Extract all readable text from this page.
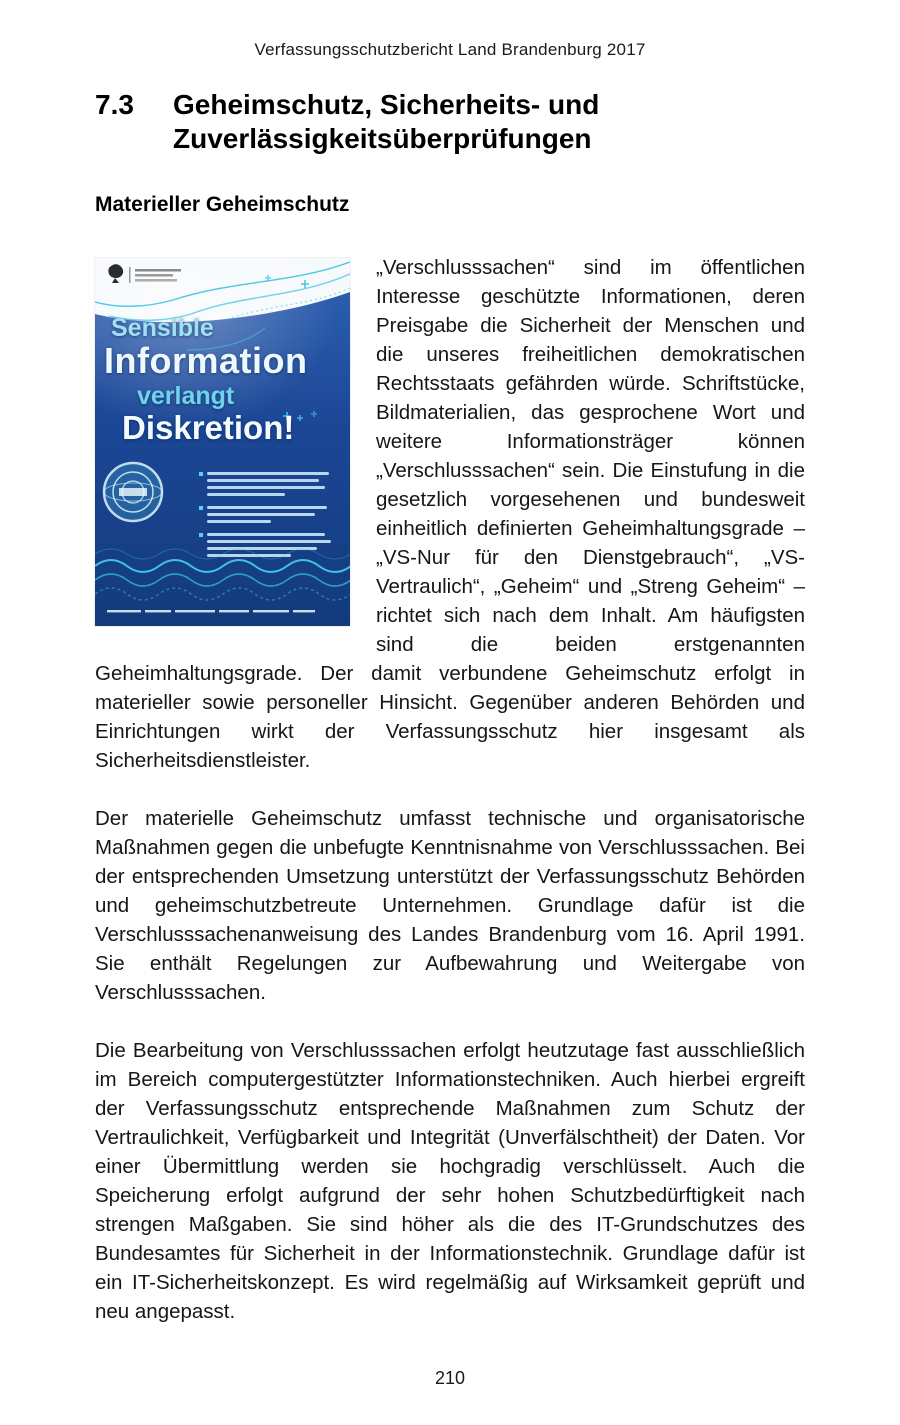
Verfassungsschutzbericht Land Brandenburg 2017
7.3	Geheimschutz, Sicherheits- und
Zuverlässigkeitsüberprüfungen
Materieller Geheimschutz
Sensible
Information
verlangt
Diskretion!

„Verschlusssachen“ sind im öffentlichen Interesse geschützte Informationen, deren Preisgabe die Sicherheit der Menschen und die unseres freiheitlichen demokratischen Rechtsstaats gefährden würde. Schriftstücke, Bildmaterialien, das gesprochene Wort und weitere Informationsträger können „Verschlusssachen“ sein. Die Einstufung in die gesetzlich vorgesehenen und bundesweit einheitlich definierten Geheimhaltungsgrade – „VS-Nur für den Dienstgebrauch“, „VS-Vertraulich“, „Geheim“ und „Streng Geheim“ – richtet sich nach dem Inhalt. Am häufigsten sind die beiden erstgenannten Geheimhaltungsgrade. Der damit verbundene Geheimschutz erfolgt in materieller sowie personeller Hinsicht. Gegenüber anderen Behörden und Einrichtungen wirkt der Verfassungsschutz hier insgesamt als Sicherheitsdienstleister.

Der materielle Geheimschutz umfasst technische und organisatorische Maßnahmen gegen die unbefugte Kenntnisnahme von Verschlusssachen. Bei der entsprechenden Umsetzung unterstützt der Verfassungsschutz Behörden und geheimschutzbetreute Unternehmen. Grundlage dafür ist die Verschlusssachenanweisung des Landes Brandenburg vom 16. April 1991. Sie enthält Regelungen zur Aufbewahrung und Weitergabe von Verschlusssachen.

Die Bearbeitung von Verschlusssachen erfolgt heutzutage fast ausschließlich im Bereich computergestützter Informationstechniken. Auch hierbei ergreift der Verfassungsschutz entsprechende Maßnahmen zum Schutz der Vertraulichkeit, Verfügbarkeit und Integrität (Unverfälschtheit) der Daten. Vor einer Übermittlung werden sie hochgradig verschlüsselt. Auch die Speicherung erfolgt aufgrund der sehr hohen Schutzbedürftigkeit nach strengen Maßgaben. Sie sind höher als die des IT-Grundschutzes des Bundesamtes für Sicherheit in der Informationstechnik. Grundlage dafür ist ein IT-Sicherheitskonzept. Es wird regelmäßig auf Wirksamkeit geprüft und neu angepasst.

210
